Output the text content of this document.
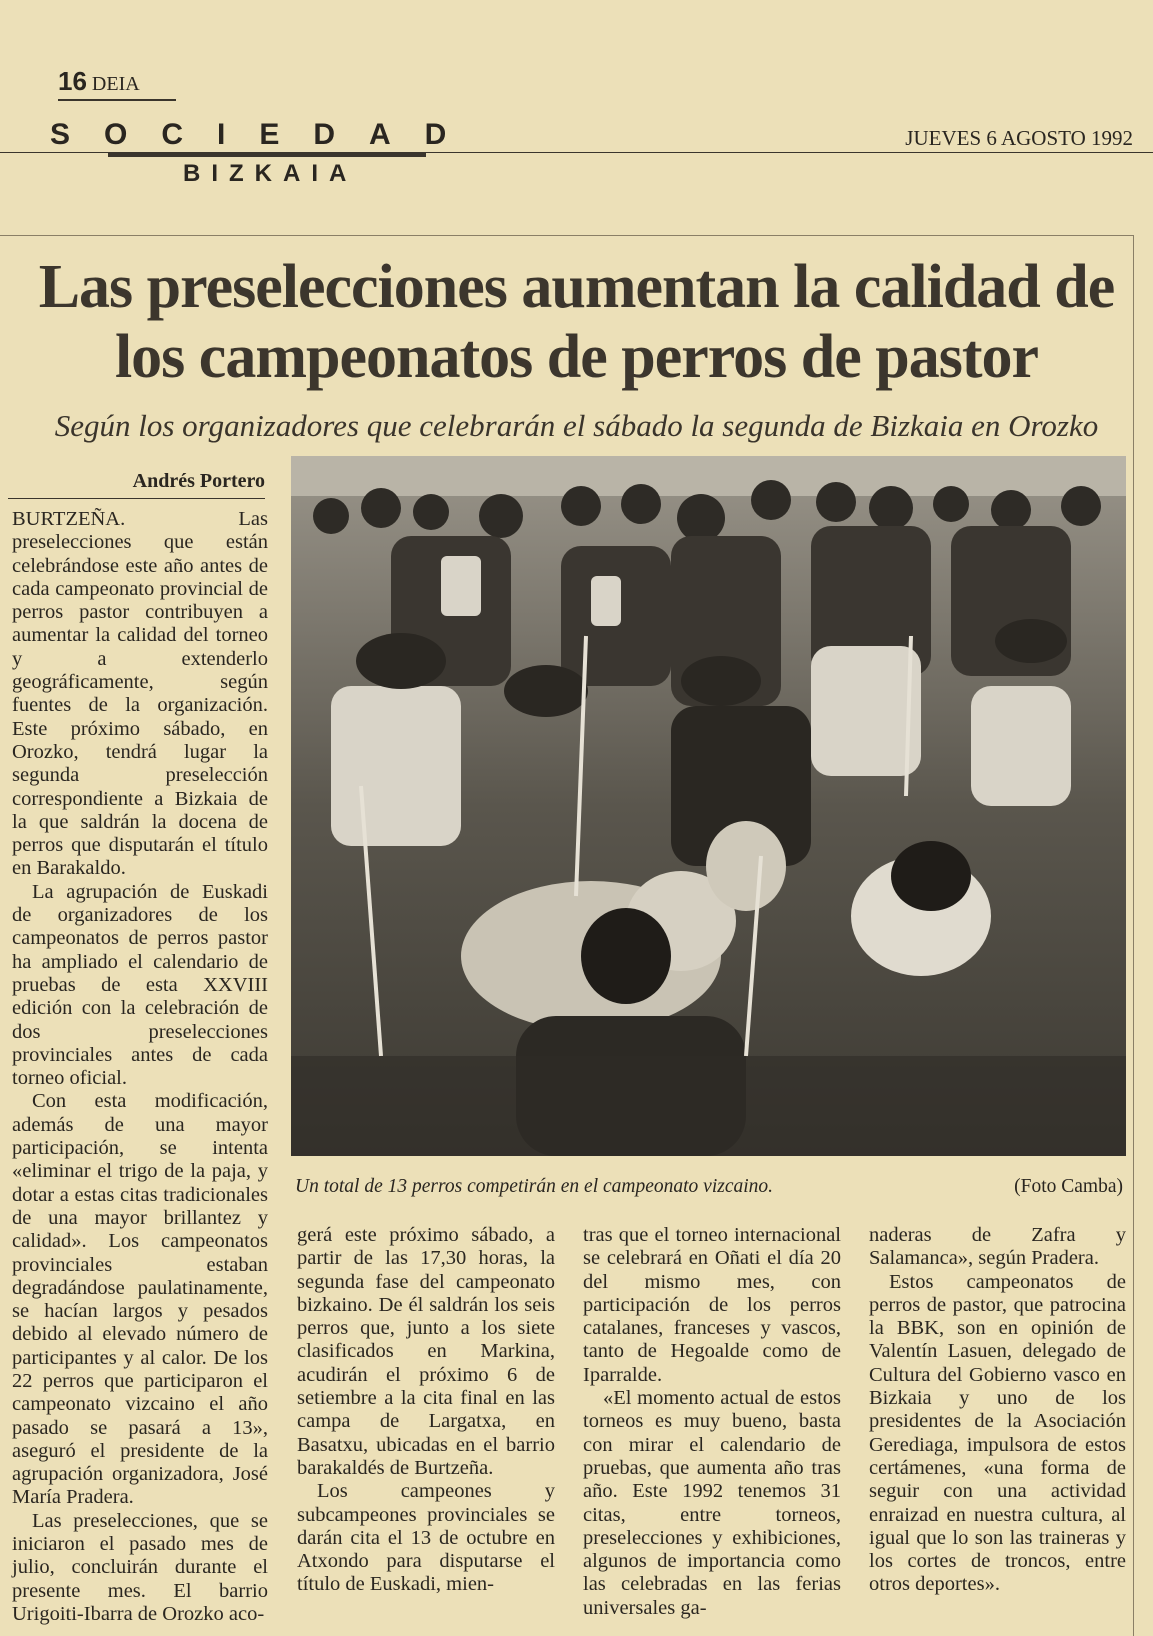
16 DEIA
SOCIEDAD
BIZKAIA
JUEVES 6 AGOSTO 1992
Las preselecciones aumentan la calidad de
los campeonatos de perros de pastor
Según los organizadores que celebrarán el sábado la segunda de Bizkaia en Orozko
Andrés Portero

BURTZEÑA. Las preselecciones que están celebrándose este año antes de cada campeonato provincial de perros pastor contribuyen a aumentar la calidad del torneo y a extenderlo geográficamente, según fuentes de la organización. Este próximo sábado, en Orozko, tendrá lugar la segunda preselección correspondiente a Bizkaia de la que saldrán la docena de perros que disputarán el título en Barakaldo.

La agrupación de Euskadi de organizadores de los campeonatos de perros pastor ha ampliado el calendario de pruebas de esta XXVIII edición con la celebración de dos preselecciones provinciales antes de cada torneo oficial.

Con esta modificación, además de una mayor participación, se intenta «eliminar el trigo de la paja, y dotar a estas citas tradicionales de una mayor brillantez y calidad». Los campeonatos provinciales estaban degradándose paulatinamente, se hacían largos y pesados debido al elevado número de participantes y al calor. De los 22 perros que participaron el campeonato vizcaino el año pasado se pasará a 13», aseguró el presidente de la agrupación organizadora, José María Pradera.

Las preselecciones, que se iniciaron el pasado mes de julio, concluirán durante el presente mes. El barrio Urigoiti-Ibarra de Orozko aco-

Un total de 13 perros competirán en el campeonato vizcaino.	(Foto Camba)

gerá este próximo sábado, a partir de las 17,30 horas, la segunda fase del campeonato bizkaino. De él saldrán los seis perros que, junto a los siete clasificados en Markina, acudirán el próximo 6 de setiembre a la cita final en las campa de Largatxa, en Basatxu, ubicadas en el barrio barakaldés de Burtzeña.

Los campeones y subcampeones provinciales se darán cita el 13 de octubre en Atxondo para disputarse el título de Euskadi, mien-

tras que el torneo internacional se celebrará en Oñati el día 20 del mismo mes, con participación de los perros catalanes, franceses y vascos, tanto de Hegoalde como de Iparralde.

«El momento actual de estos torneos es muy bueno, basta con mirar el calendario de pruebas, que aumenta año tras año. Este 1992 tenemos 31 citas, entre torneos, preselecciones y exhibiciones, algunos de importancia como las celebradas en las ferias universales ga-

naderas de Zafra y Salamanca», según Pradera.

Estos campeonatos de perros de pastor, que patrocina la BBK, son en opinión de Valentín Lasuen, delegado de Cultura del Gobierno vasco en Bizkaia y uno de los presidentes de la Asociación Gerediaga, impulsora de estos certámenes, «una forma de seguir con una actividad enraizad en nuestra cultura, al igual que lo son las traineras y los cortes de troncos, entre otros deportes».
